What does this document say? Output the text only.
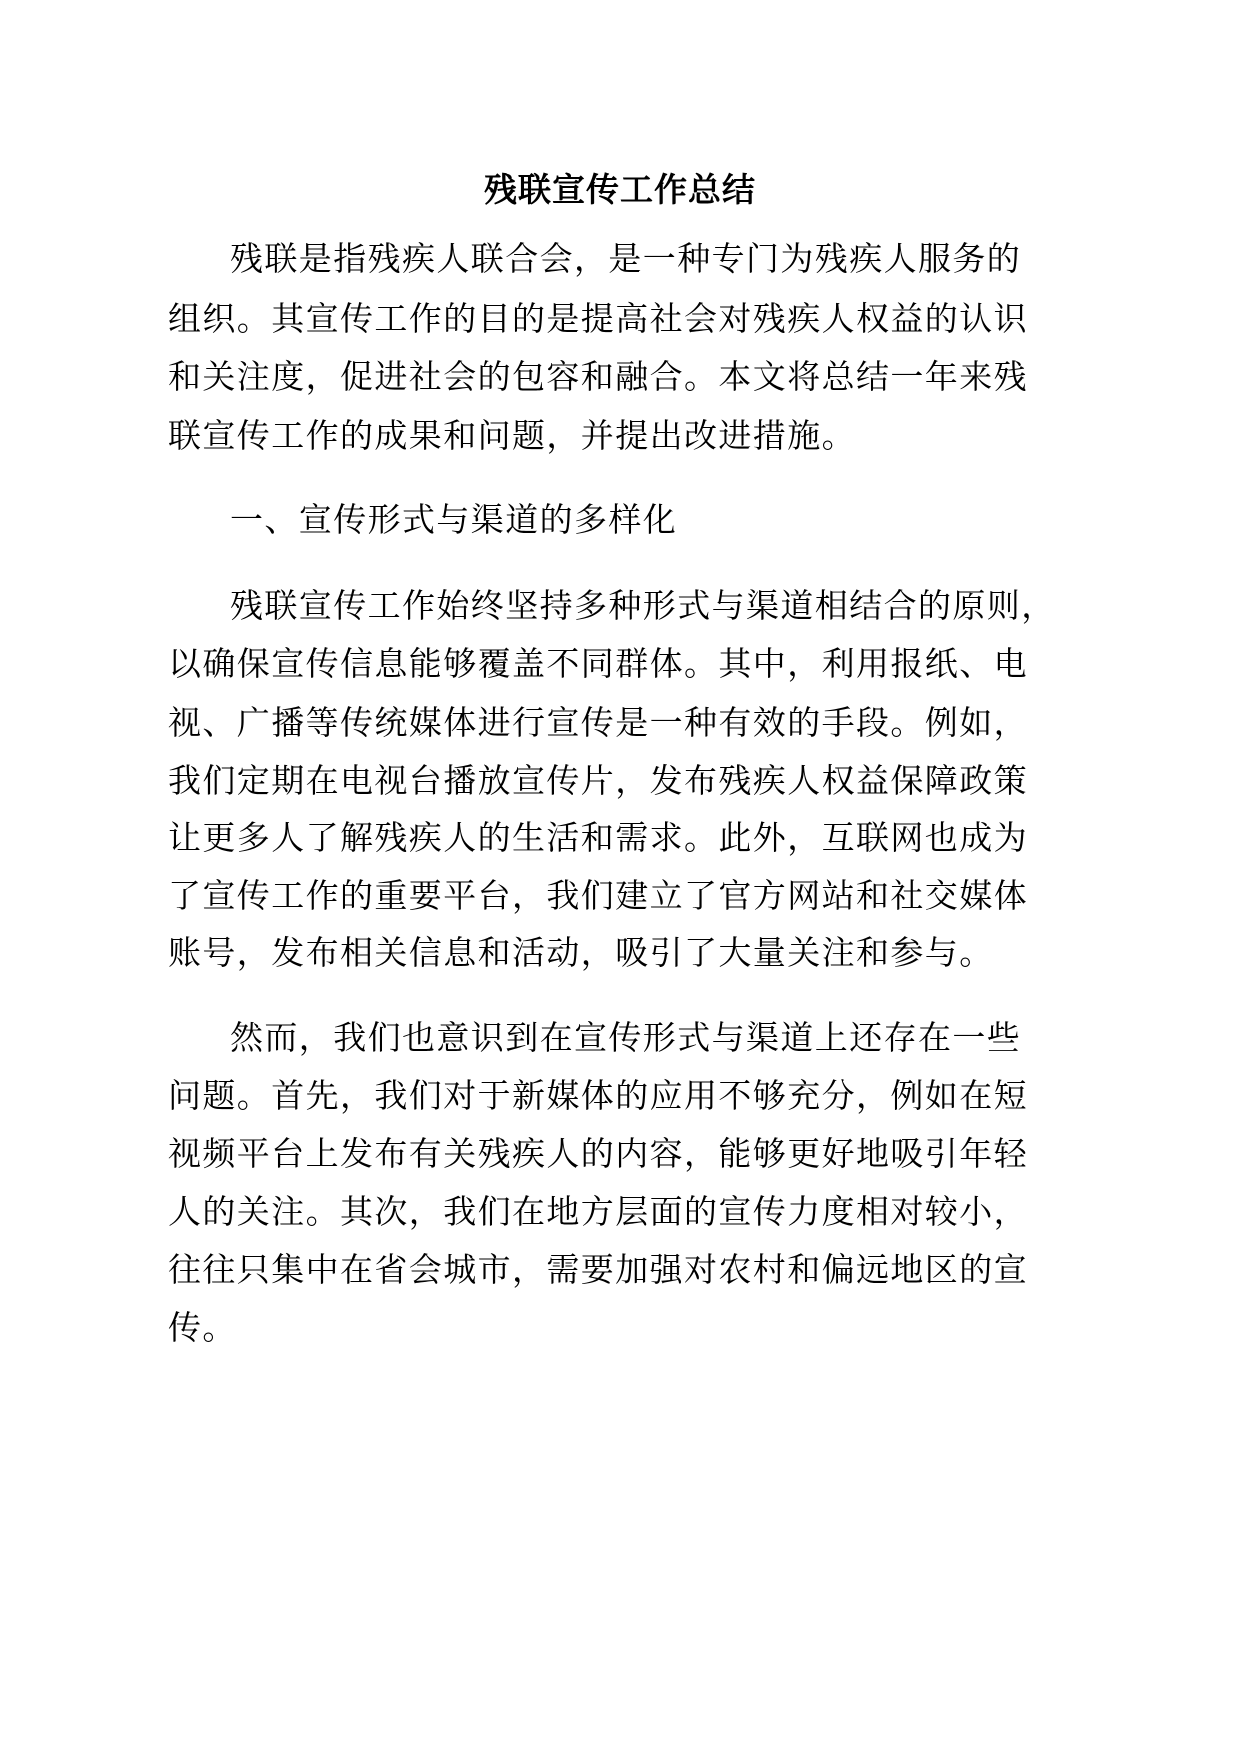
残联宣传工作总结
残联是指残疾人联合会，是一种专门为残疾人服务的
组织。其宣传工作的目的是提高社会对残疾人权益的认识
和关注度，促进社会的包容和融合。本文将总结一年来残
联宣传工作的成果和问题，并提出改进措施。
一、宣传形式与渠道的多样化
残联宣传工作始终坚持多种形式与渠道相结合的原则，
以确保宣传信息能够覆盖不同群体。其中，利用报纸、电
视、广播等传统媒体进行宣传是一种有效的手段。例如，
我们定期在电视台播放宣传片，发布残疾人权益保障政策
让更多人了解残疾人的生活和需求。此外，互联网也成为
了宣传工作的重要平台，我们建立了官方网站和社交媒体
账号，发布相关信息和活动，吸引了大量关注和参与。
然而，我们也意识到在宣传形式与渠道上还存在一些
问题。首先，我们对于新媒体的应用不够充分，例如在短
视频平台上发布有关残疾人的内容，能够更好地吸引年轻
人的关注。其次，我们在地方层面的宣传力度相对较小，
往往只集中在省会城市，需要加强对农村和偏远地区的宣
传。
